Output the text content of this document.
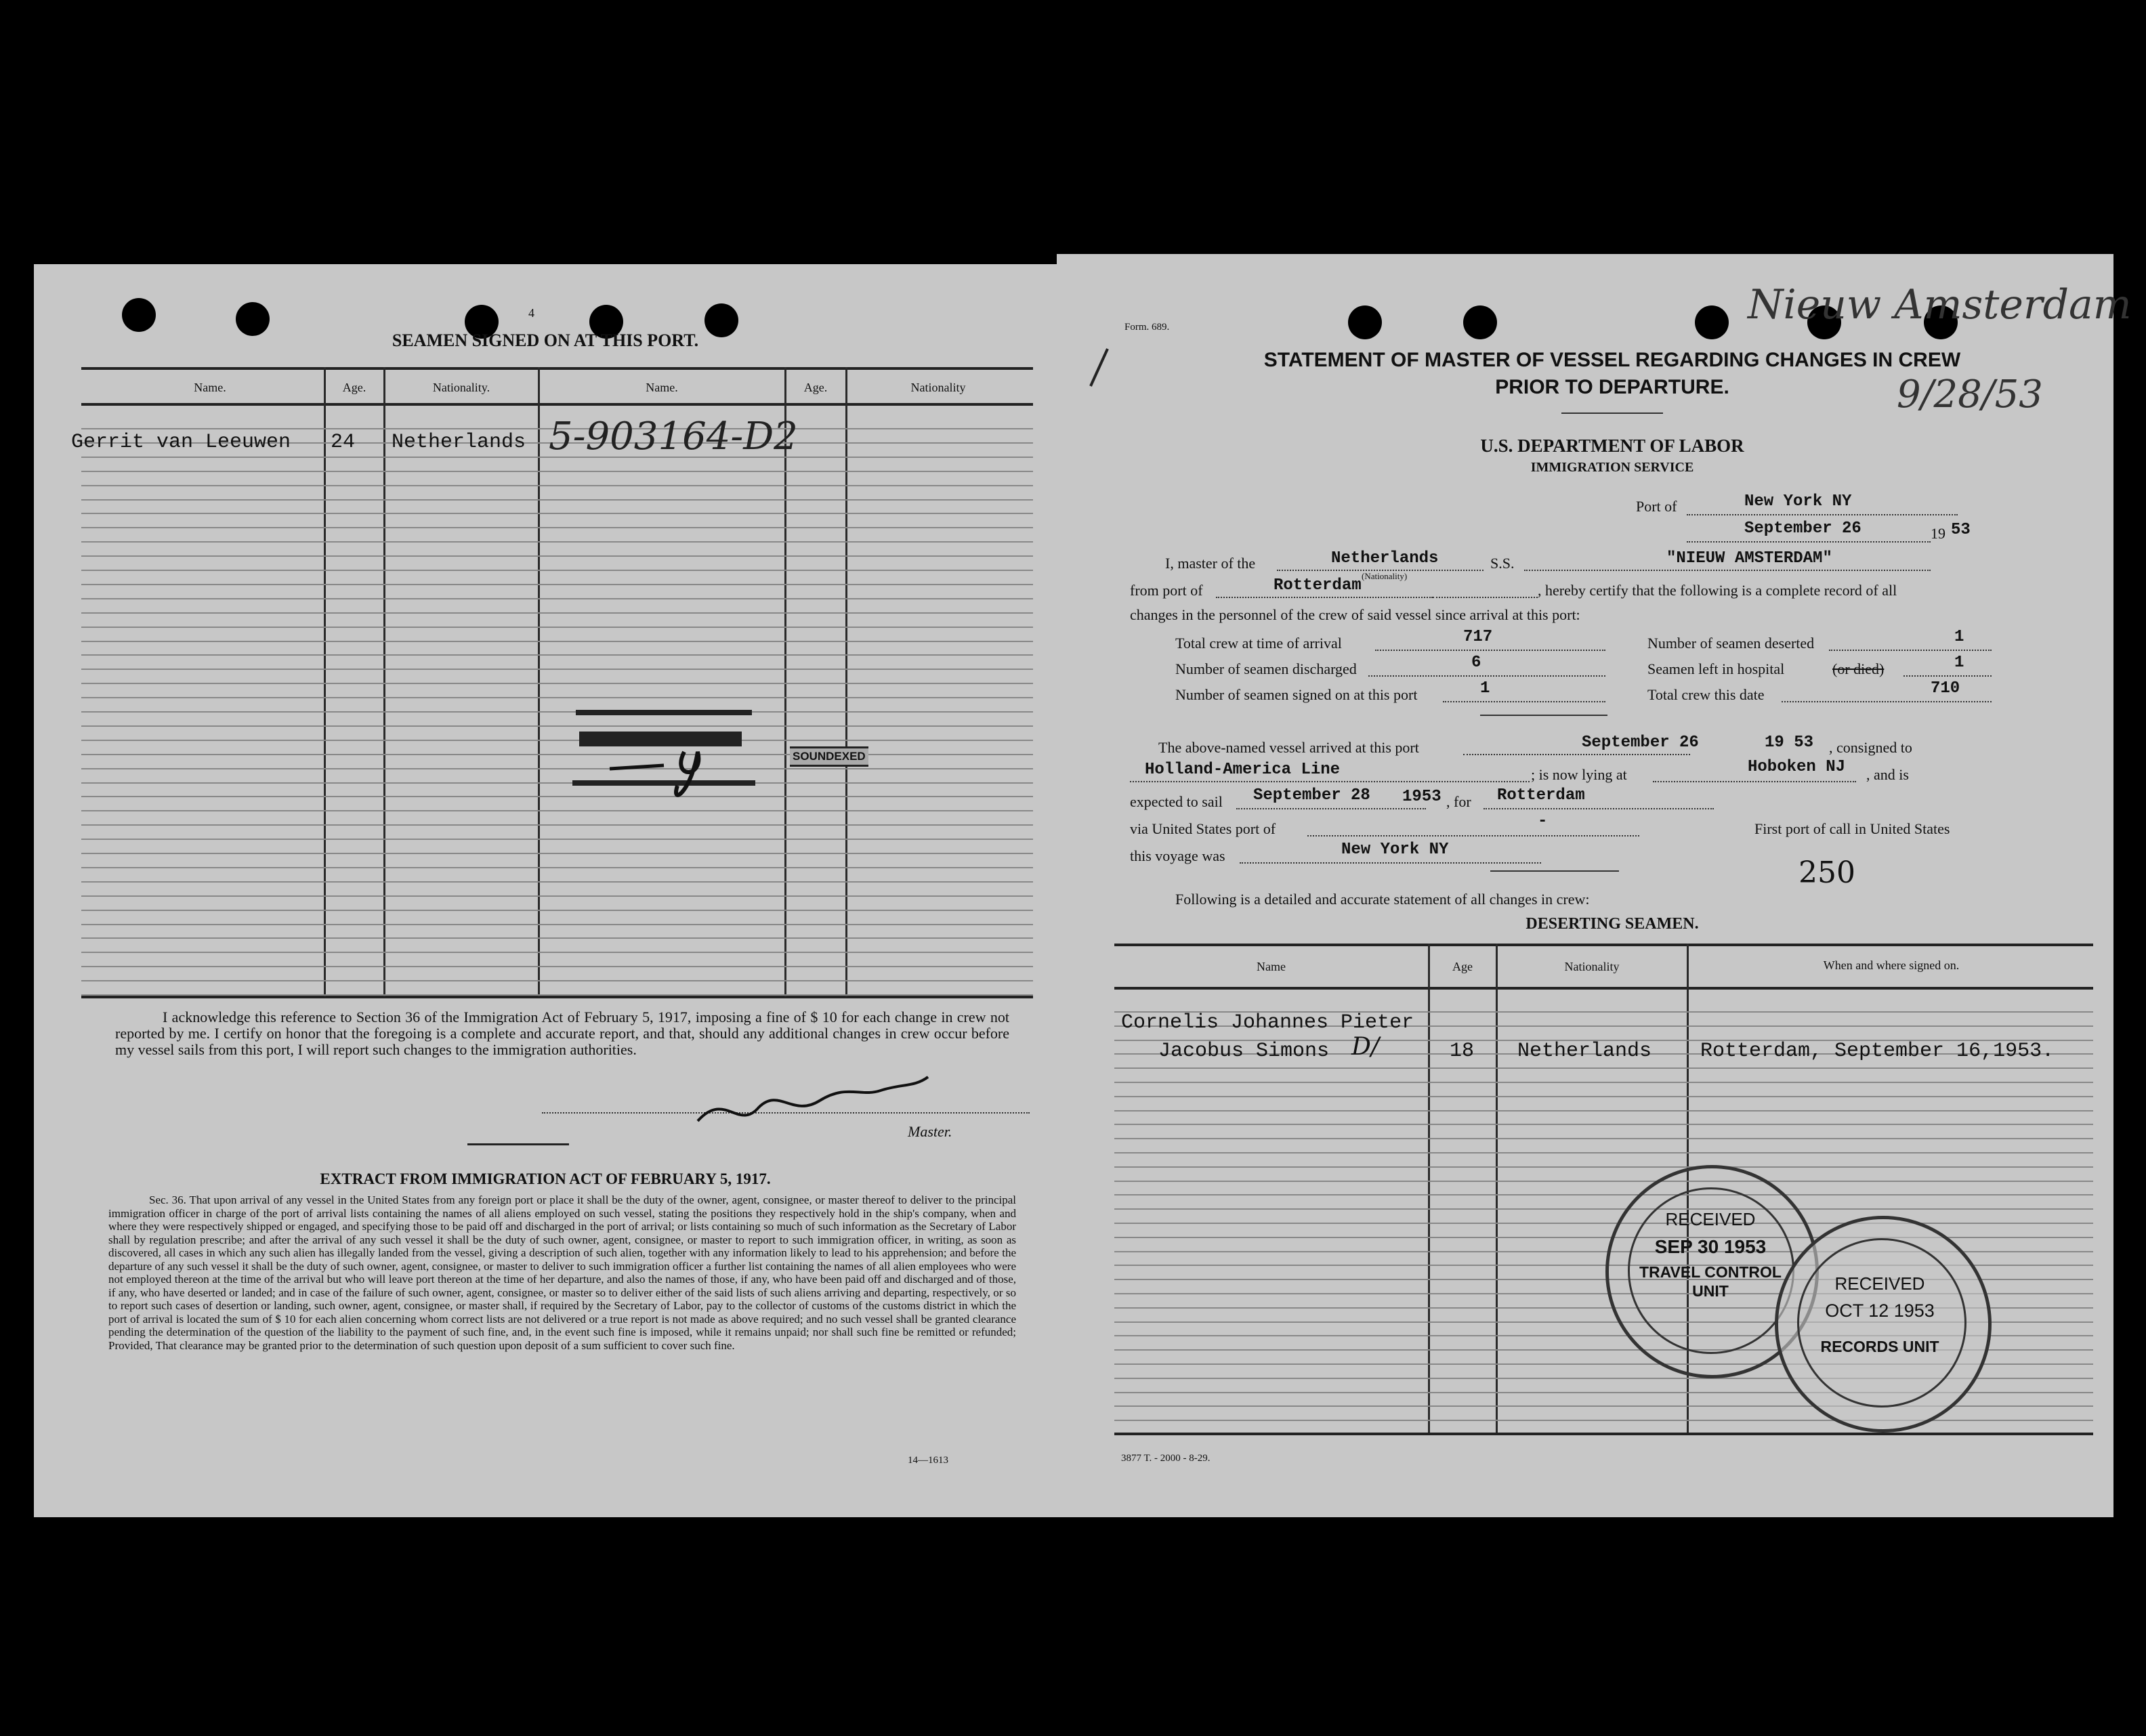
4
SEAMEN SIGNED ON AT THIS PORT.
Name.	Age.	Nationality.	Name.	Age.	Nationality
Gerrit van Leeuwen 24 Netherlands 5-903164-D2
SOUNDEXED
I acknowledge this reference to Section 36 of the Immigration Act of February 5, 1917, imposing a fine of $ 10 for each change in crew not reported by me. I certify on honor that the foregoing is a complete and accurate report, and that, should any additional changes in crew occur before my vessel sails from this port, I will report such changes to the immigration authorities.
Master.
EXTRACT FROM IMMIGRATION ACT OF FEBRUARY 5, 1917.
Sec. 36. That upon arrival of any vessel in the United States from any foreign port or place it shall be the duty of the owner, agent, consignee, or master thereof to deliver to the principal immigration officer in charge of the port of arrival lists containing the names of all aliens employed on such vessel, stating the positions they respectively hold in the ship's company, when and where they were respectively shipped or engaged, and specifying those to be paid off and discharged in the port of arrival; or lists containing so much of such information as the Secretary of Labor shall by regulation prescribe; and after the arrival of any such vessel it shall be the duty of such owner, agent, consignee, or master to report to such immigration officer, in writing, as soon as discovered, all cases in which any such alien has illegally landed from the vessel, giving a description of such alien, together with any information likely to lead to his apprehension; and before the departure of any such vessel it shall be the duty of such owner, agent, consignee, or master to deliver to such immigration officer a further list containing the names of all alien employees who were not employed thereon at the time of the arrival but who will leave port thereon at the time of her departure, and also the names of those, if any, who have been paid off and discharged and of those, if any, who have deserted or landed; and in case of the failure of such owner, agent, consignee, or master so to deliver either of the said lists of such aliens arriving and departing, respectively, or so to report such cases of desertion or landing, such owner, agent, consignee, or master shall, if required by the Secretary of Labor, pay to the collector of customs of the customs district in which the port of arrival is located the sum of $ 10 for each alien concerning whom correct lists are not delivered or a true report is not made as above required; and no such vessel shall be granted clearance pending the determination of the question of the liability to the payment of such fine, and, in the event such fine is imposed, while it remains unpaid; nor shall such fine be remitted or refunded; Provided, That clearance may be granted prior to the determination of such question upon deposit of a sum sufficient to cover such fine.
14—1613
Form. 689.	Nieuw Amsterdam
9/28/53
STATEMENT OF MASTER OF VESSEL REGARDING CHANGES IN CREW
PRIOR TO DEPARTURE.
U.S. DEPARTMENT OF LABOR
IMMIGRATION SERVICE
Port of	New York NY
September 26	19 53
I, master of the	Netherlands
(Nationality)
S.S.	"NIEUW AMSTERDAM"
from port of	Rotterdam	, hereby certify that the following is a complete record of all
changes in the personnel of the crew of said vessel since arrival at this port:
Total crew at time of arrival	717
Number of seamen discharged	6
Number of seamen signed on at this port	1
Number of seamen deserted	1
Seamen left in hospital	(or died)	1
Total crew this date	710
The above-named vessel arrived at this port	September 26	19 53 , consigned to
Holland-America Line	; is now lying at	Hoboken NJ , and is
expected to sail September 28 1953 , for Rotterdam
via United States port of	-	First port of call in United States
this voyage was	New York NY
250
Following is a detailed and accurate statement of all changes in crew:
DESERTING SEAMEN.
Name	Age	Nationality	When and where signed on.
Cornelis Johannes Pieter
Jacobus Simons D/	18 Netherlands Rotterdam, September 16,1953.
RECEIVED
SEP 30 1953
TRAVEL CONTROL
UNIT	RECEIVED
OCT 12 1953
RECORDS UNIT
3877 T. - 2000 - 8-29.
